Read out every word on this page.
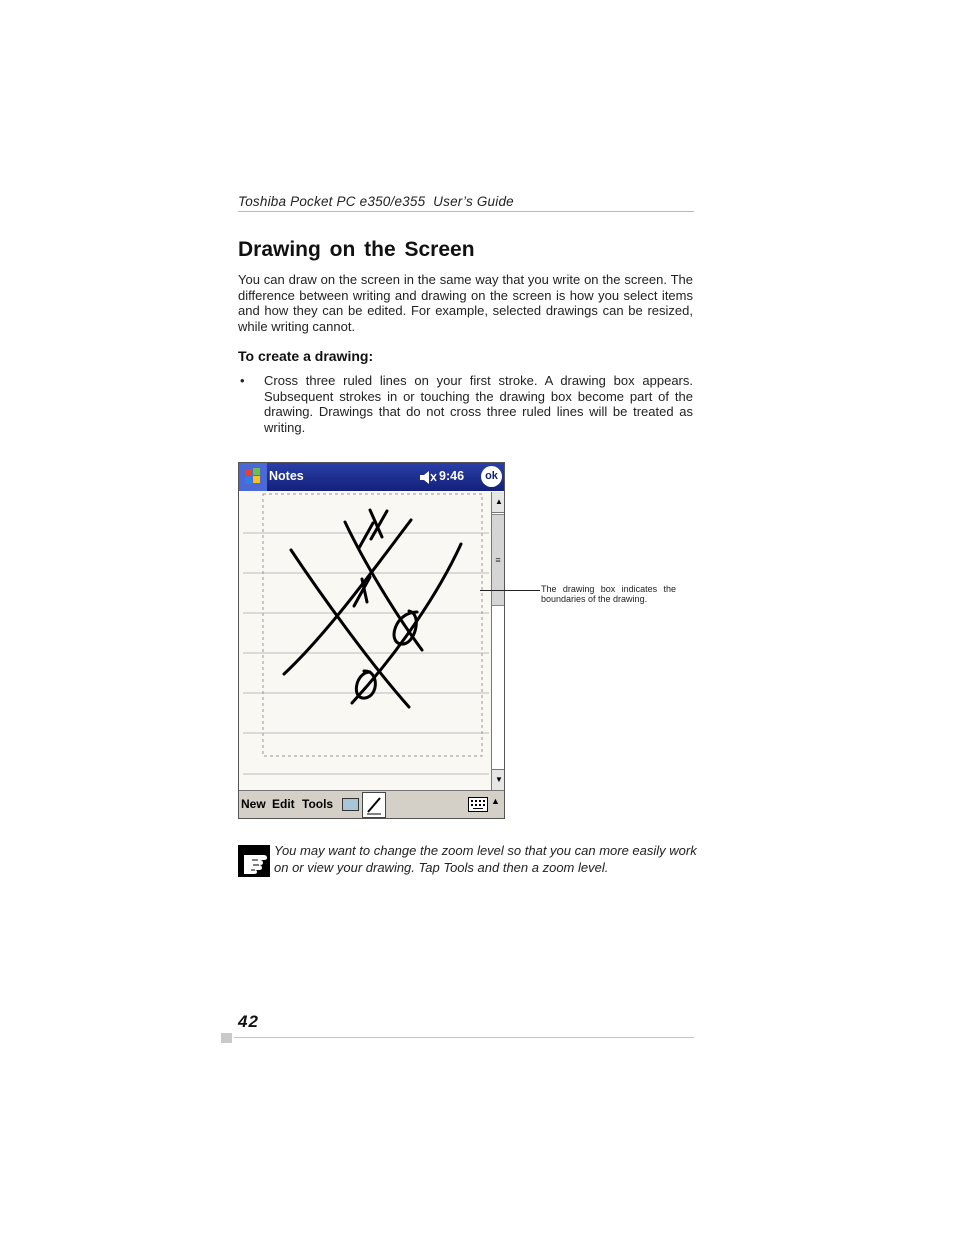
Toshiba Pocket PC e350/e355  User’s Guide
Drawing on the Screen
You can draw on the screen in the same way that you write on the screen. The difference between writing and drawing on the screen is how you select items and how they can be edited. For example, selected drawings can be resized, while writing cannot.
To create a drawing:
• Cross three ruled lines on your first stroke. A drawing box appears. Subsequent strokes in or touching the drawing box become part of the drawing. Drawings that do not cross three ruled lines will be treated as writing.
Notes	9:46	ok
▲
≡
▼
New Edit Tools	▲
The drawing box indicates the boundaries of the drawing.
You may want to change the zoom level so that you can more easily work on or view your drawing. Tap Tools and then a zoom level.
42
